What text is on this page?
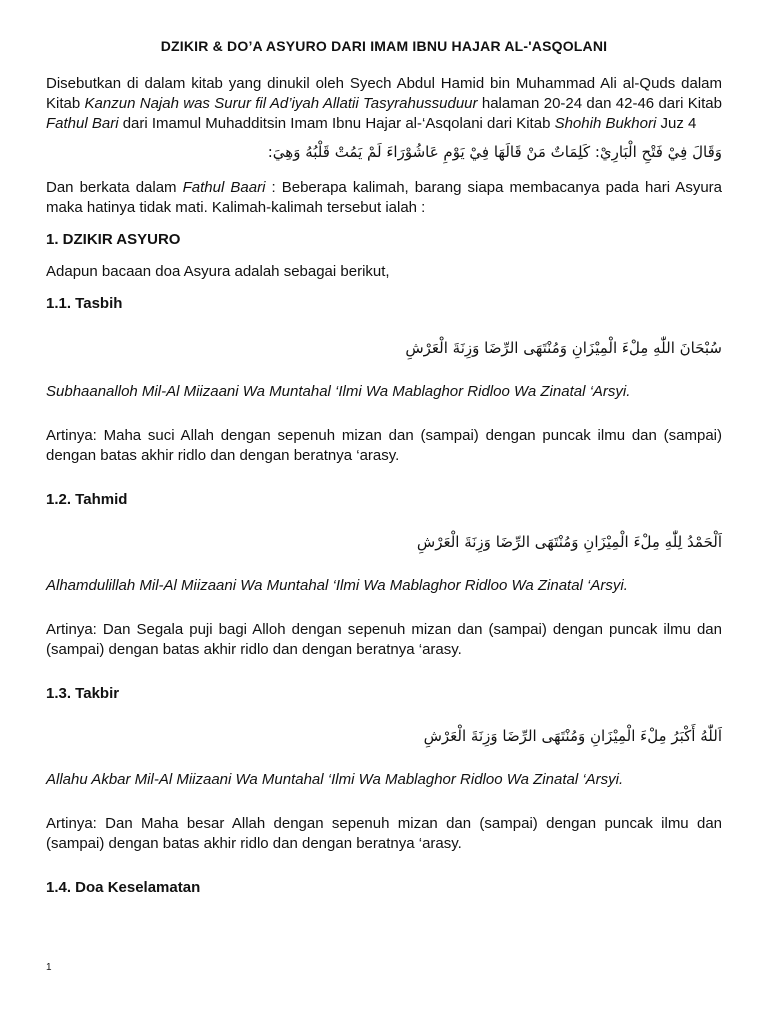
DZIKIR & DO’A ASYURO DARI IMAM IBNU HAJAR AL-'ASQOLANI

Disebutkan di dalam kitab yang dinukil oleh Syech Abdul Hamid bin Muhammad Ali al-Quds dalam Kitab Kanzun Najah was Surur fil Ad’iyah Allatii Tasyrahussuduur halaman 20-24 dan 42-46 dari Kitab Fathul Bari dari Imamul Muhadditsin Imam Ibnu Hajar al-‘Asqolani dari Kitab Shohih Bukhori Juz 4

وَقَالَ فِيْ فَتْحِ الْبَارِيْ: كَلِمَاتٌ مَنْ قَالَهَا فِيْ يَوْمِ عَاشُوْرَاءَ لَمْ يَمُتْ قَلْبُهُ وَهِيَ:

Dan berkata dalam Fathul Baari : Beberapa kalimah, barang siapa membacanya pada hari Asyura maka hatinya tidak mati. Kalimah-kalimah tersebut ialah :

1. DZIKIR ASYURO

Adapun bacaan doa Asyura adalah sebagai berikut,

1.1. Tasbih
سُبْحَانَ اللّٰهِ مِلْءَ الْمِيْزَانِ وَمُنْتَهَى الرِّضَا وَزِنَةَ الْعَرْشِ

Subhaanalloh Mil-Al Miizaani Wa Muntahal ‘Ilmi Wa Mablaghor Ridloo Wa Zinatal ‘Arsyi.

Artinya: Maha suci Allah dengan sepenuh mizan dan (sampai) dengan puncak ilmu dan (sampai) dengan batas akhir ridlo dan dengan beratnya ‘arasy.

1.2. Tahmid
اَلْحَمْدُ لِلّٰهِ مِلْءَ الْمِيْزَانِ وَمُنْتَهَى الرِّضَا وَزِنَةَ الْعَرْشِ

Alhamdulillah Mil-Al Miizaani Wa Muntahal ‘Ilmi Wa Mablaghor Ridloo Wa Zinatal ‘Arsyi.

Artinya: Dan Segala puji bagi Alloh dengan sepenuh mizan dan (sampai) dengan puncak ilmu dan (sampai) dengan batas akhir ridlo dan dengan beratnya ‘arasy.

1.3. Takbir
اَللّٰهُ أَكْبَرُ مِلْءَ الْمِيْزَانِ وَمُنْتَهَى الرِّضَا وَزِنَةَ الْعَرْشِ

Allahu Akbar Mil-Al Miizaani Wa Muntahal ‘Ilmi Wa Mablaghor Ridloo Wa Zinatal ‘Arsyi.

Artinya: Dan Maha besar Allah dengan sepenuh mizan dan (sampai) dengan puncak ilmu dan (sampai) dengan batas akhir ridlo dan dengan beratnya ‘arasy.

1.4. Doa Keselamatan
1
